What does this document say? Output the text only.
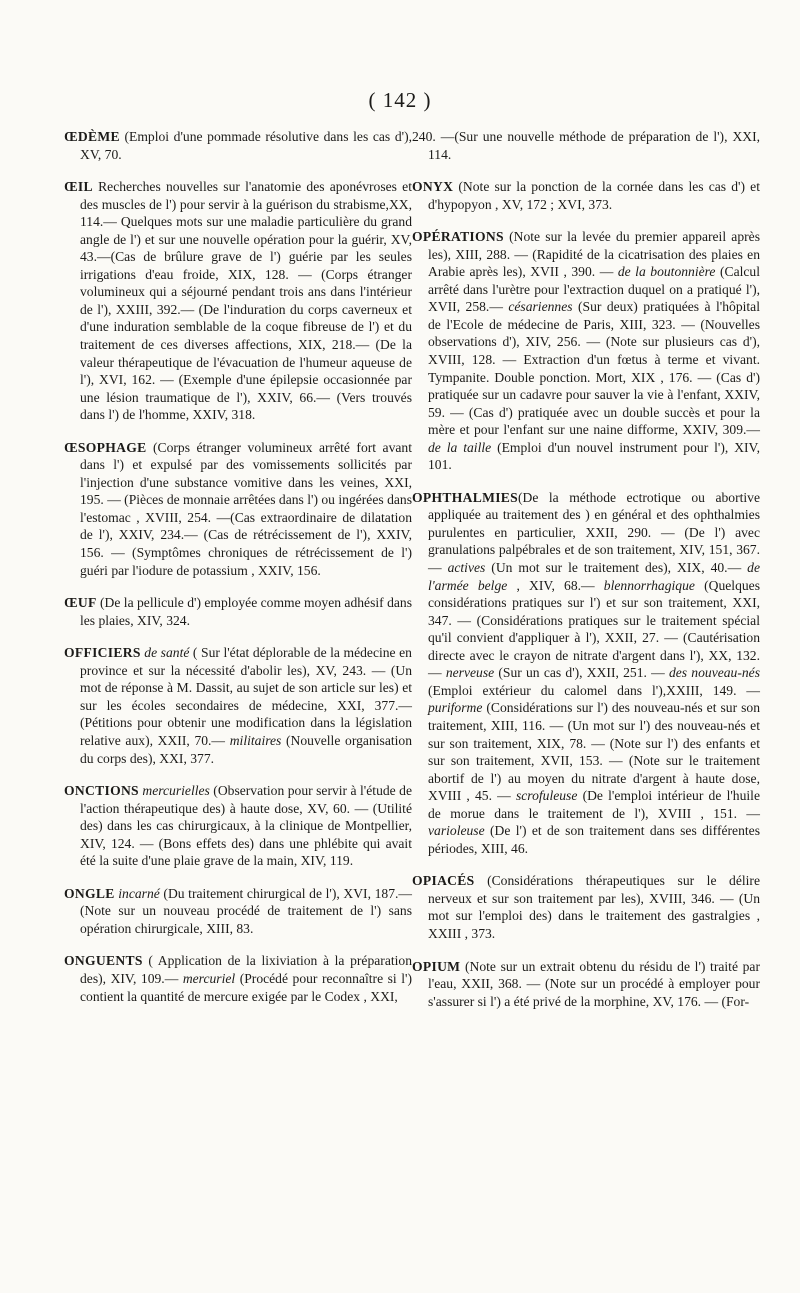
( 142 )

ŒDÈME (Emploi d'une pommade résolutive dans les cas d'), XV, 70.

ŒIL Recherches nouvelles sur l'anatomie des aponévroses et des muscles de l') pour servir à la guérison du strabisme,XX, 114.— Quelques mots sur une maladie particulière du grand angle de l') et sur une nouvelle opération pour la guérir, XV, 43.—(Cas de brûlure grave de l') guérie par les seules irrigations d'eau froide, XIX, 128. — (Corps étranger volumineux qui a séjourné pendant trois ans dans l'intérieur de l'), XXIII, 392.— (De l'induration du corps caverneux et d'une induration semblable de la coque fibreuse de l') et du traitement de ces diverses affections, XIX, 218.— (De la valeur thérapeutique de l'évacuation de l'humeur aqueuse de l'), XVI, 162. — (Exemple d'une épilepsie occasionnée par une lésion traumatique de l'), XXIV, 66.— (Vers trouvés dans l') de l'homme, XXIV, 318.

ŒSOPHAGE (Corps étranger volumineux arrêté fort avant dans l') et expulsé par des vomissements sollicités par l'injection d'une substance vomitive dans les veines, XXI, 195. — (Pièces de monnaie arrêtées dans l') ou ingérées dans l'estomac , XVIII, 254. —(Cas extraordinaire de dilatation de l'), XXIV, 234.— (Cas de rétrécissement de l'), XXIV, 156. — (Symptômes chroniques de rétrécissement de l') guéri par l'iodure de potassium , XXIV, 156.

ŒUF (De la pellicule d') employée comme moyen adhésif dans les plaies, XIV, 324.

OFFICIERS de santé ( Sur l'état déplorable de la médecine en province et sur la nécessité d'abolir les), XV, 243. — (Un mot de réponse à M. Dassit, au sujet de son article sur les) et sur les écoles secondaires de médecine, XXI, 377.—(Pétitions pour obtenir une modification dans la législation relative aux), XXII, 70.— militaires (Nouvelle organisation du corps des), XXI, 377.

ONCTIONS mercurielles (Observation pour servir à l'étude de l'action thérapeutique des) à haute dose, XV, 60. — (Utilité des) dans les cas chirurgicaux, à la clinique de Montpellier, XIV, 124. — (Bons effets des) dans une phlébite qui avait été la suite d'une plaie grave de la main, XIV, 119.

ONGLE incarné (Du traitement chirurgical de l'), XVI, 187.—(Note sur un nouveau procédé de traitement de l') sans opération chirurgicale, XIII, 83.

ONGUENTS ( Application de la lixiviation à la préparation des), XIV, 109.— mercuriel (Procédé pour reconnaître si l') contient la quantité de mercure exigée par le Codex , XXI,

240. —(Sur une nouvelle méthode de préparation de l'), XXI, 114.

ONYX (Note sur la ponction de la cornée dans les cas d') et d'hypopyon , XV, 172 ; XVI, 373.

OPÉRATIONS (Note sur la levée du premier appareil après les), XIII, 288. — (Rapidité de la cicatrisation des plaies en Arabie après les), XVII , 390. — de la boutonnière (Calcul arrêté dans l'urètre pour l'extraction duquel on a pratiqué l'), XVII, 258.— césariennes (Sur deux) pratiquées à l'hôpital de l'Ecole de médecine de Paris, XIII, 323. — (Nouvelles observations d'), XIV, 256. — (Note sur plusieurs cas d'), XVIII, 128. — Extraction d'un fœtus à terme et vivant. Tympanite. Double ponction. Mort, XIX , 176. — (Cas d') pratiquée sur un cadavre pour sauver la vie à l'enfant, XXIV, 59. — (Cas d') pratiquée avec un double succès et pour la mère et pour l'enfant sur une naine difforme, XXIV, 309.— de la taille (Emploi d'un nouvel instrument pour l'), XIV, 101.

OPHTHALMIES(De la méthode ectrotique ou abortive appliquée au traitement des ) en général et des ophthalmies purulentes en particulier, XXII, 290. — (De l') avec granulations palpébrales et de son traitement, XIV, 151, 367. — actives (Un mot sur le traitement des), XIX, 40.— de l'armée belge , XIV, 68.— blennorrhagique (Quelques considérations pratiques sur l') et sur son traitement, XXI, 347. — (Considérations pratiques sur le traitement spécial qu'il convient d'appliquer à l'), XXII, 27. — (Cautérisation directe avec le crayon de nitrate d'argent dans l'), XX, 132.— nerveuse (Sur un cas d'), XXII, 251. — des nouveau-nés (Emploi extérieur du calomel dans l'),XXIII, 149. — puriforme (Considérations sur l') des nouveau-nés et sur son traitement, XIII, 116. — (Un mot sur l') des nouveau-nés et sur son traitement, XIX, 78. — (Note sur l') des enfants et sur son traitement, XVII, 153. — (Note sur le traitement abortif de l') au moyen du nitrate d'argent à haute dose, XVIII , 45. — scrofuleuse (De l'emploi intérieur de l'huile de morue dans le traitement de l'), XVIII , 151. — varioleuse (De l') et de son traitement dans ses différentes périodes, XIII, 46.

OPIACÉS (Considérations thérapeutiques sur le délire nerveux et sur son traitement par les), XVIII, 346. — (Un mot sur l'emploi des) dans le traitement des gastralgies , XXIII , 373.

OPIUM (Note sur un extrait obtenu du résidu de l') traité par l'eau, XXII, 368. — (Note sur un procédé à employer pour s'assurer si l') a été privé de la morphine, XV, 176. — (For-
